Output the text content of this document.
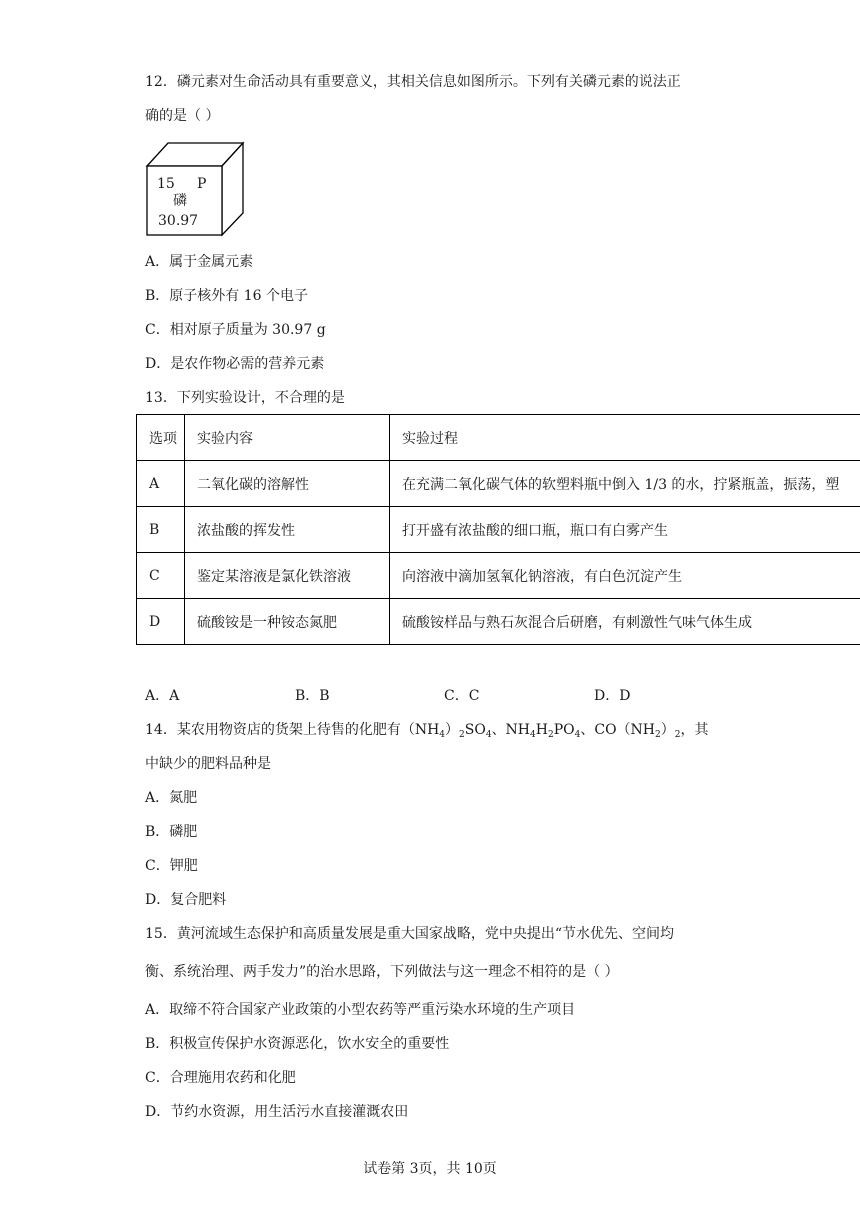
12．磷元素对生命活动具有重要意义，其相关信息如图所示。下列有关磷元素的说法正
确的是（ ）
15 P
磷
30.97
A．属于金属元素
B．原子核外有 16 个电子
C．相对原子质量为 30.97 g
D．是农作物必需的营养元素
13．下列实验设计，不合理的是
选项	实验内容	实验过程
A	二氧化碳的溶解性	在充满二氧化碳气体的软塑料瓶中倒入 1/3 的水，拧紧瓶盖，振荡，塑
B	浓盐酸的挥发性	打开盛有浓盐酸的细口瓶，瓶口有白雾产生
C	鉴定某溶液是氯化铁溶液	向溶液中滴加氢氧化钠溶液，有白色沉淀产生
D	硫酸铵是一种铵态氮肥	硫酸铵样品与熟石灰混合后研磨，有刺激性气味气体生成
A．A	B．B	C．C	D．D
14．某农用物资店的货架上待售的化肥有$(NH_4)_2SO_4$、$NH_4H_2PO_4$、$CO(NH_2)_2$，其
中缺少的肥料品种是
A．氮肥
B．磷肥
C．钾肥
D．复合肥料
15．黄河流域生态保护和高质量发展是重大国家战略，党中央提出“节水优先、空间均
衡、系统治理、两手发力”的治水思路，下列做法与这一理念不相符的是（ ）
A．取缔不符合国家产业政策的小型农药等严重污染水环境的生产项目
B．积极宣传保护水资源恶化，饮水安全的重要性
C．合理施用农药和化肥
D．节约水资源，用生活污水直接灌溉农田
试卷第 3页，共 10页
